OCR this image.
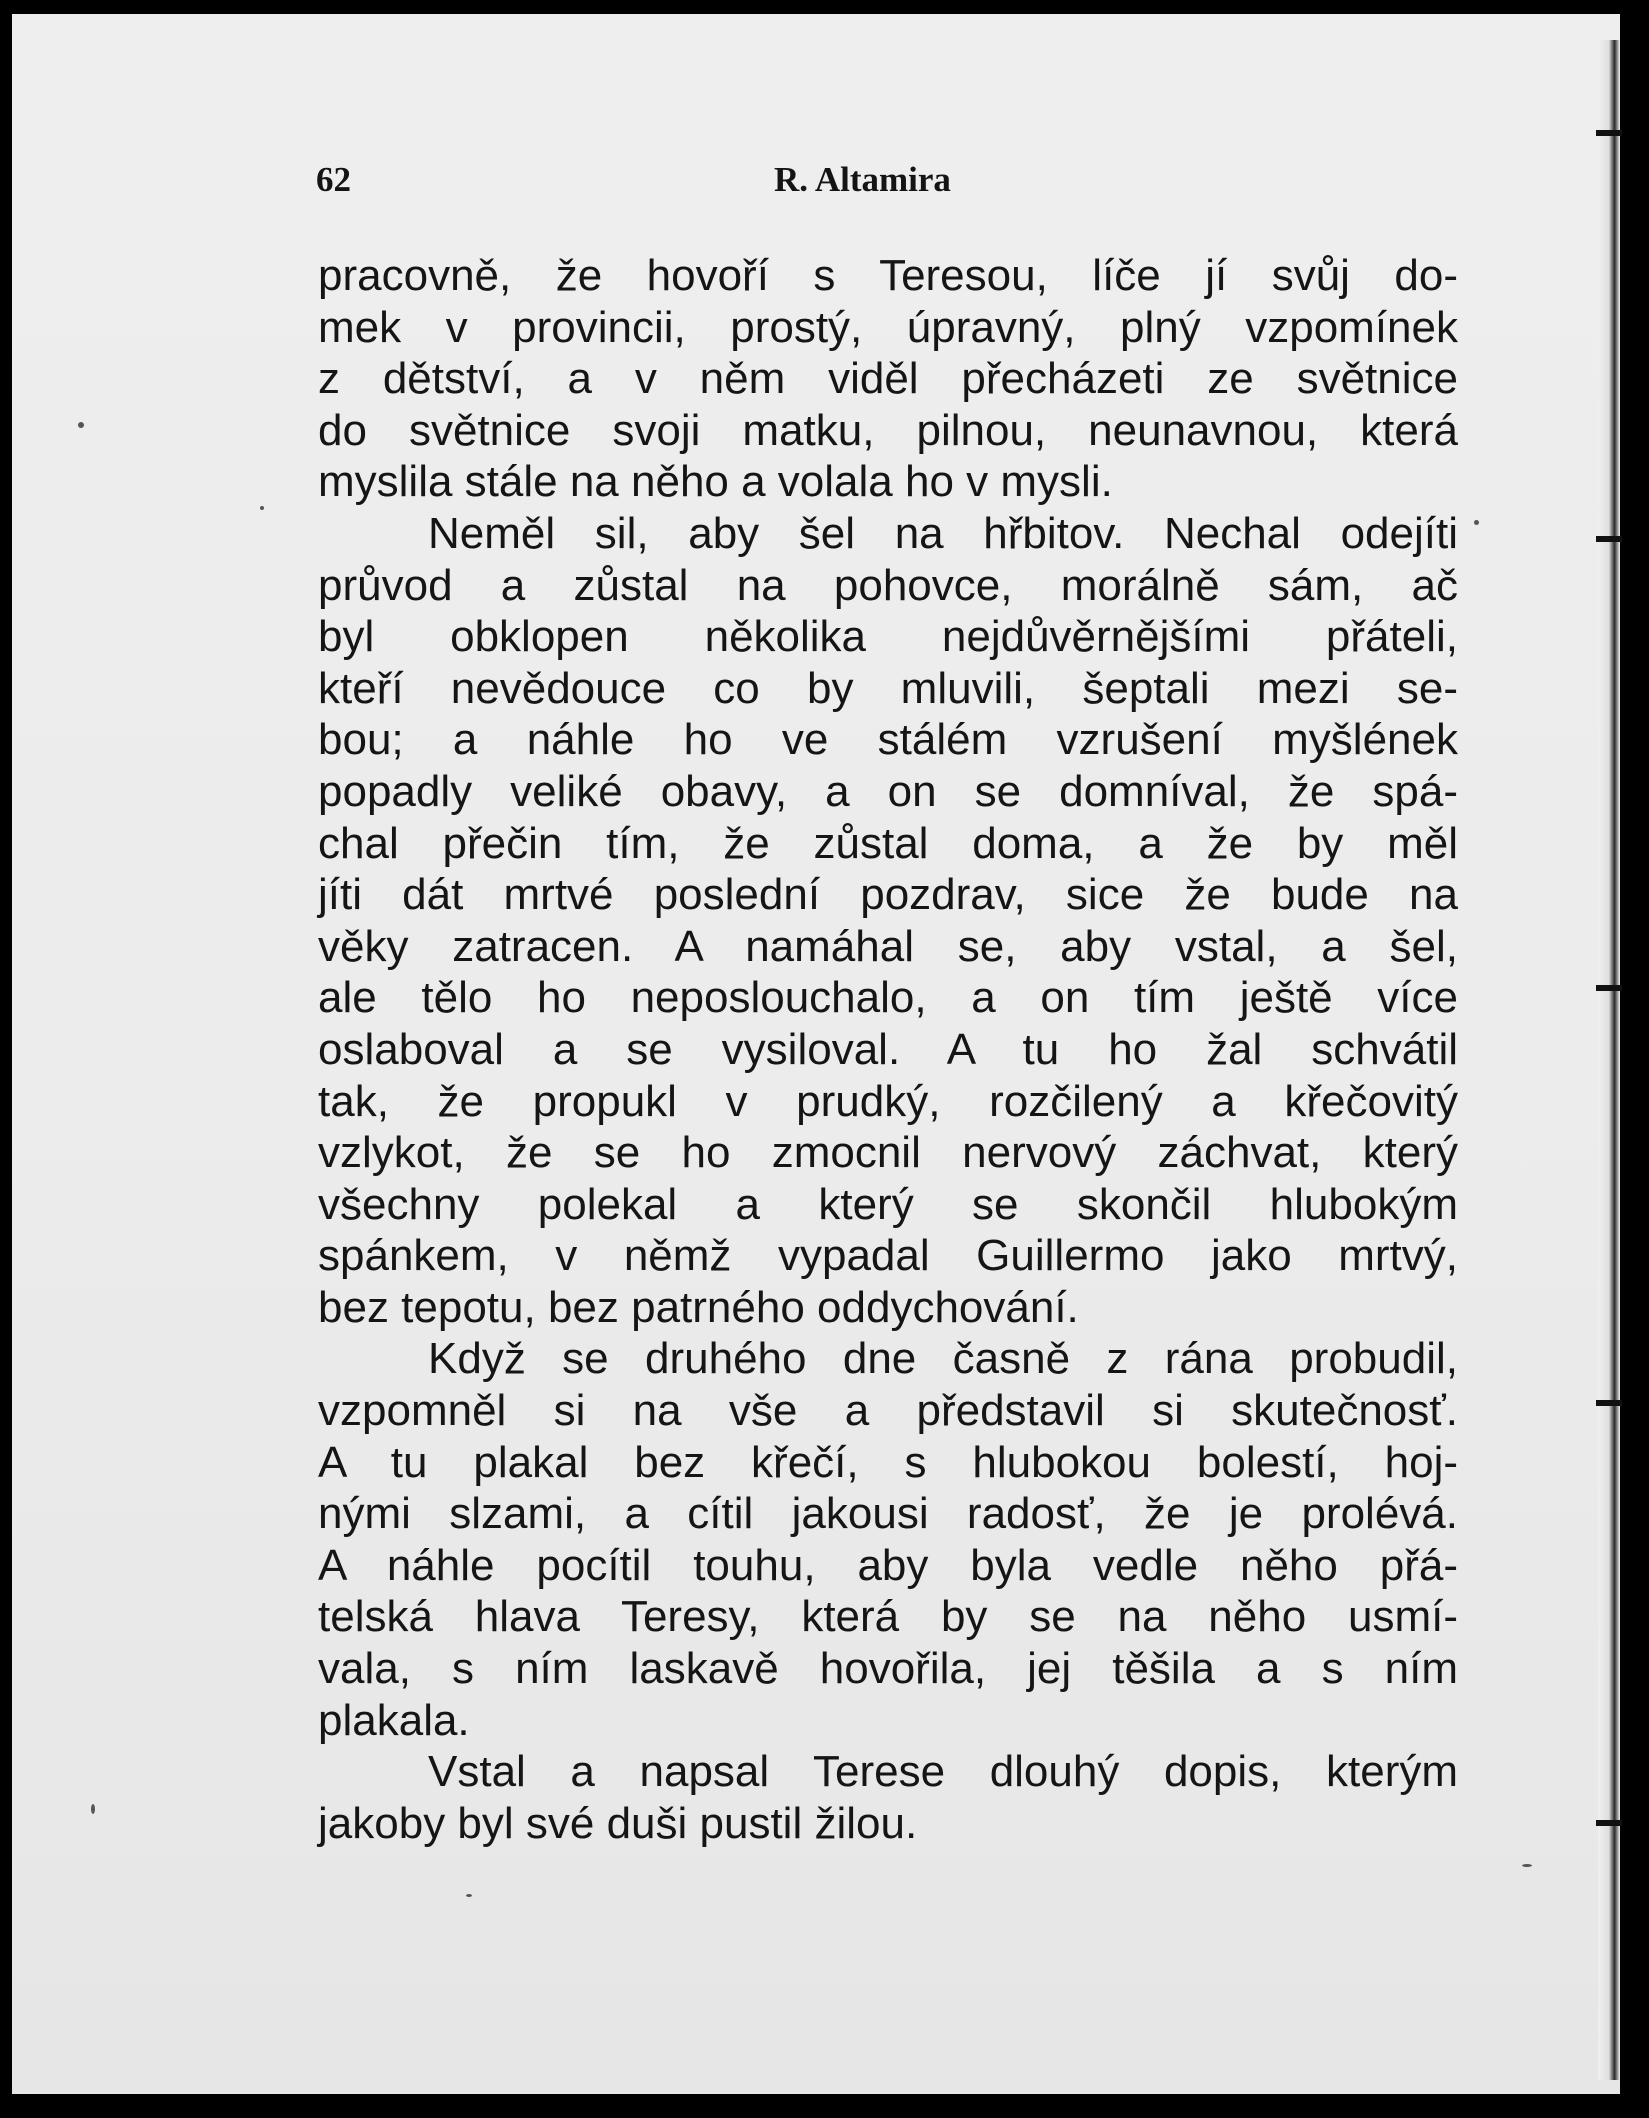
62	R. Altamira
pracovně, že hovoří s Teresou, líče jí svůj do-
mek v provincii, prostý, úpravný, plný vzpomínek
z dětství, a v něm viděl přecházeti ze světnice
do světnice svoji matku, pilnou, neunavnou, která
myslila stále na něho a volala ho v mysli.
Neměl sil, aby šel na hřbitov. Nechal odejíti
průvod a zůstal na pohovce, morálně sám, ač
byl obklopen několika nejdůvěrnějšími přáteli,
kteří nevědouce co by mluvili, šeptali mezi se-
bou; a náhle ho ve stálém vzrušení myšlének
popadly veliké obavy, a on se domníval, že spá-
chal přečin tím, že zůstal doma, a že by měl
jíti dát mrtvé poslední pozdrav, sice že bude na
věky zatracen. A namáhal se, aby vstal, a šel,
ale tělo ho neposlouchalo, a on tím ještě více
oslaboval a se vysiloval. A tu ho žal schvátil
tak, že propukl v prudký, rozčilený a křečovitý
vzlykot, že se ho zmocnil nervový záchvat, který
všechny polekal a který se skončil hlubokým
spánkem, v němž vypadal Guillermo jako mrtvý,
bez tepotu, bez patrného oddychování.
Když se druhého dne časně z rána probudil,
vzpomněl si na vše a představil si skutečnosť.
A tu plakal bez křečí, s hlubokou bolestí, hoj-
nými slzami, a cítil jakousi radosť, že je prolévá.
A náhle pocítil touhu, aby byla vedle něho přá-
telská hlava Teresy, která by se na něho usmí-
vala, s ním laskavě hovořila, jej těšila a s ním
plakala.
Vstal a napsal Terese dlouhý dopis, kterým
jakoby byl své duši pustil žilou.
